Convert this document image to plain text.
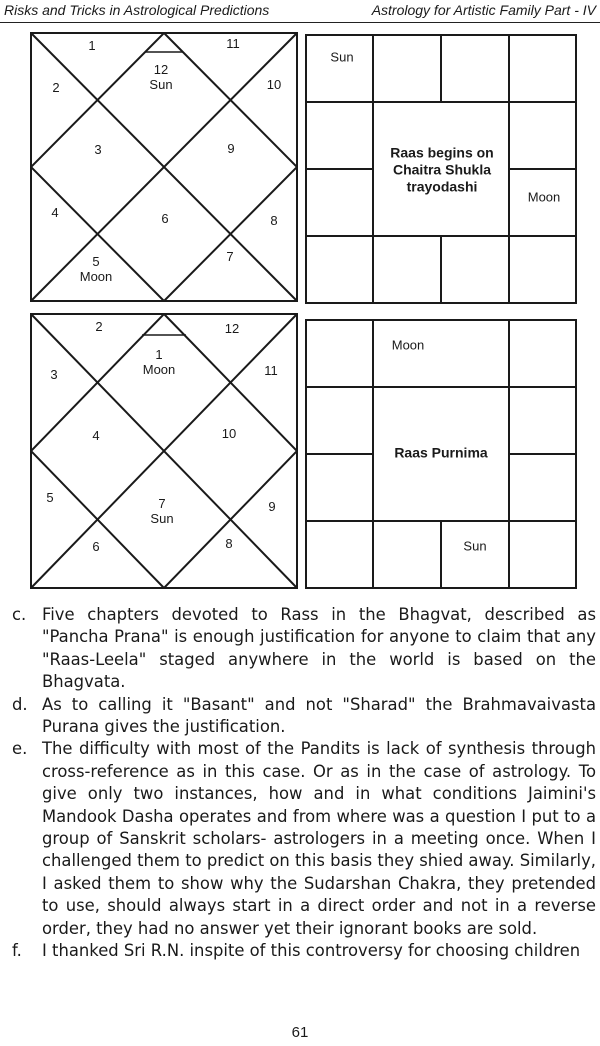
Risks and Tricks in Astrological Predictions	Astrology for Artistic Family Part - IV
1	11
2
12
Sun	10
3	9
4	6	8
5
Moon
7
Sun
Moon
Raas begins on Chaitra Shukla trayodashi
2	12
1
Moon
3	11
4	10
5	7
Sun
9
6	8
Moon
Sun
Raas Purnima
c. Five chapters devoted to Rass in the Bhagvat, described as "Pancha Prana" is enough justification for anyone to claim that any "Raas-Leela" staged anywhere in the world is based on the Bhagvata.
d. As to calling it "Basant" and not "Sharad" the Brahmavaivasta Purana gives the justification.
e. The difficulty with most of the Pandits is lack of synthesis through cross-reference as in this case. Or as in the case of astrology. To give only two instances, how and in what conditions Jaimini's Mandook Dasha operates and from where was a question I put to a group of Sanskrit scholars- astrologers in a meeting once. When I challenged them to predict on this basis they shied away. Similarly, I asked them to show why the Sudarshan Chakra, they pretended to use, should always start in a direct order and not in a reverse order, they had no answer yet their ignorant books are sold.
f.	I thanked Sri R.N. inspite of this controversy for choosing children
61
